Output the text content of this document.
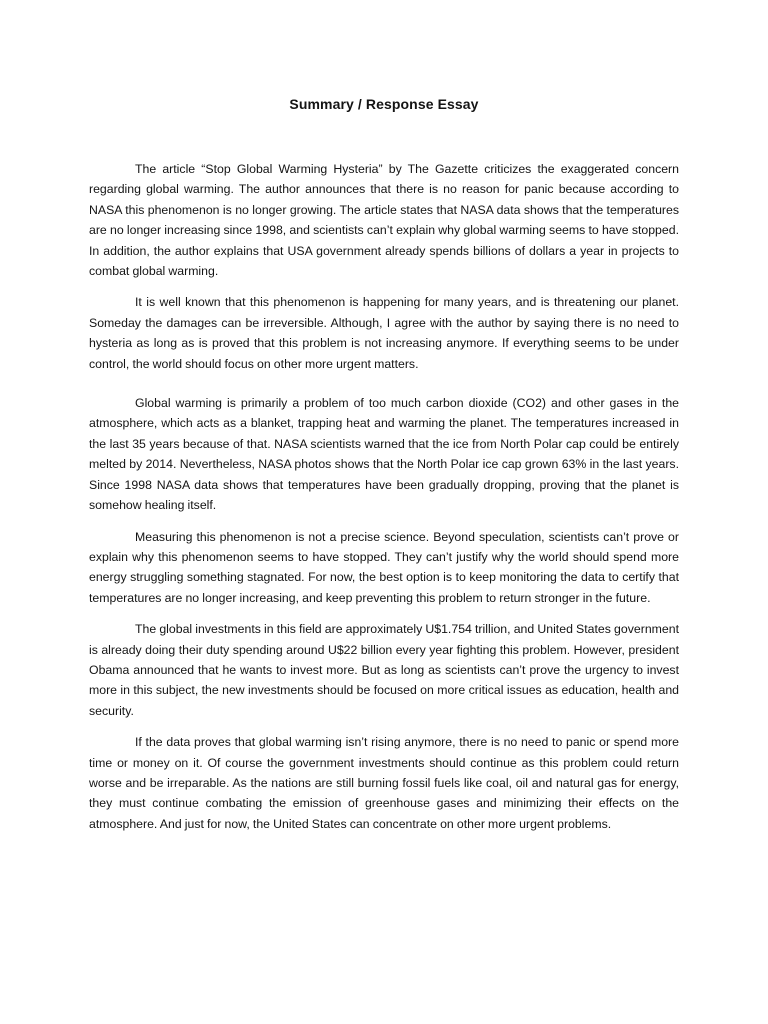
Summary / Response Essay

The article “Stop Global Warming Hysteria” by The Gazette criticizes the exaggerated concern regarding global warming. The author announces that there is no reason for panic because according to NASA this phenomenon is no longer growing. The article states that NASA data shows that the temperatures are no longer increasing since 1998, and scientists can’t explain why global warming seems to have stopped. In addition, the author explains that USA government already spends billions of dollars a year in projects to combat global warming.

It is well known that this phenomenon is happening for many years, and is threatening our planet. Someday the damages can be irreversible. Although, I agree with the author by saying there is no need to hysteria as long as is proved that this problem is not increasing anymore. If everything seems to be under control, the world should focus on other more urgent matters.

Global warming is primarily a problem of too much carbon dioxide (CO2) and other gases in the atmosphere, which acts as a blanket, trapping heat and warming the planet. The temperatures increased in the last 35 years because of that. NASA scientists warned that the ice from North Polar cap could be entirely melted by 2014. Nevertheless, NASA photos shows that the North Polar ice cap grown 63% in the last years. Since 1998 NASA data shows that temperatures have been gradually dropping, proving that the planet is somehow healing itself.

Measuring this phenomenon is not a precise science. Beyond speculation, scientists can’t prove or explain why this phenomenon seems to have stopped. They can’t justify why the world should spend more energy struggling something stagnated. For now, the best option is to keep monitoring the data to certify that temperatures are no longer increasing, and keep preventing this problem to return stronger in the future.

The global investments in this field are approximately U$1.754 trillion, and United States government is already doing their duty spending around U$22 billion every year fighting this problem. However, president Obama announced that he wants to invest more. But as long as scientists can’t prove the urgency to invest more in this subject, the new investments should be focused on more critical issues as education, health and security.

If the data proves that global warming isn’t rising anymore, there is no need to panic or spend more time or money on it. Of course the government investments should continue as this problem could return worse and be irreparable. As the nations are still burning fossil fuels like coal, oil and natural gas for energy, they must continue combating the emission of greenhouse gases and minimizing their effects on the atmosphere. And just for now, the United States can concentrate on other more urgent problems.
